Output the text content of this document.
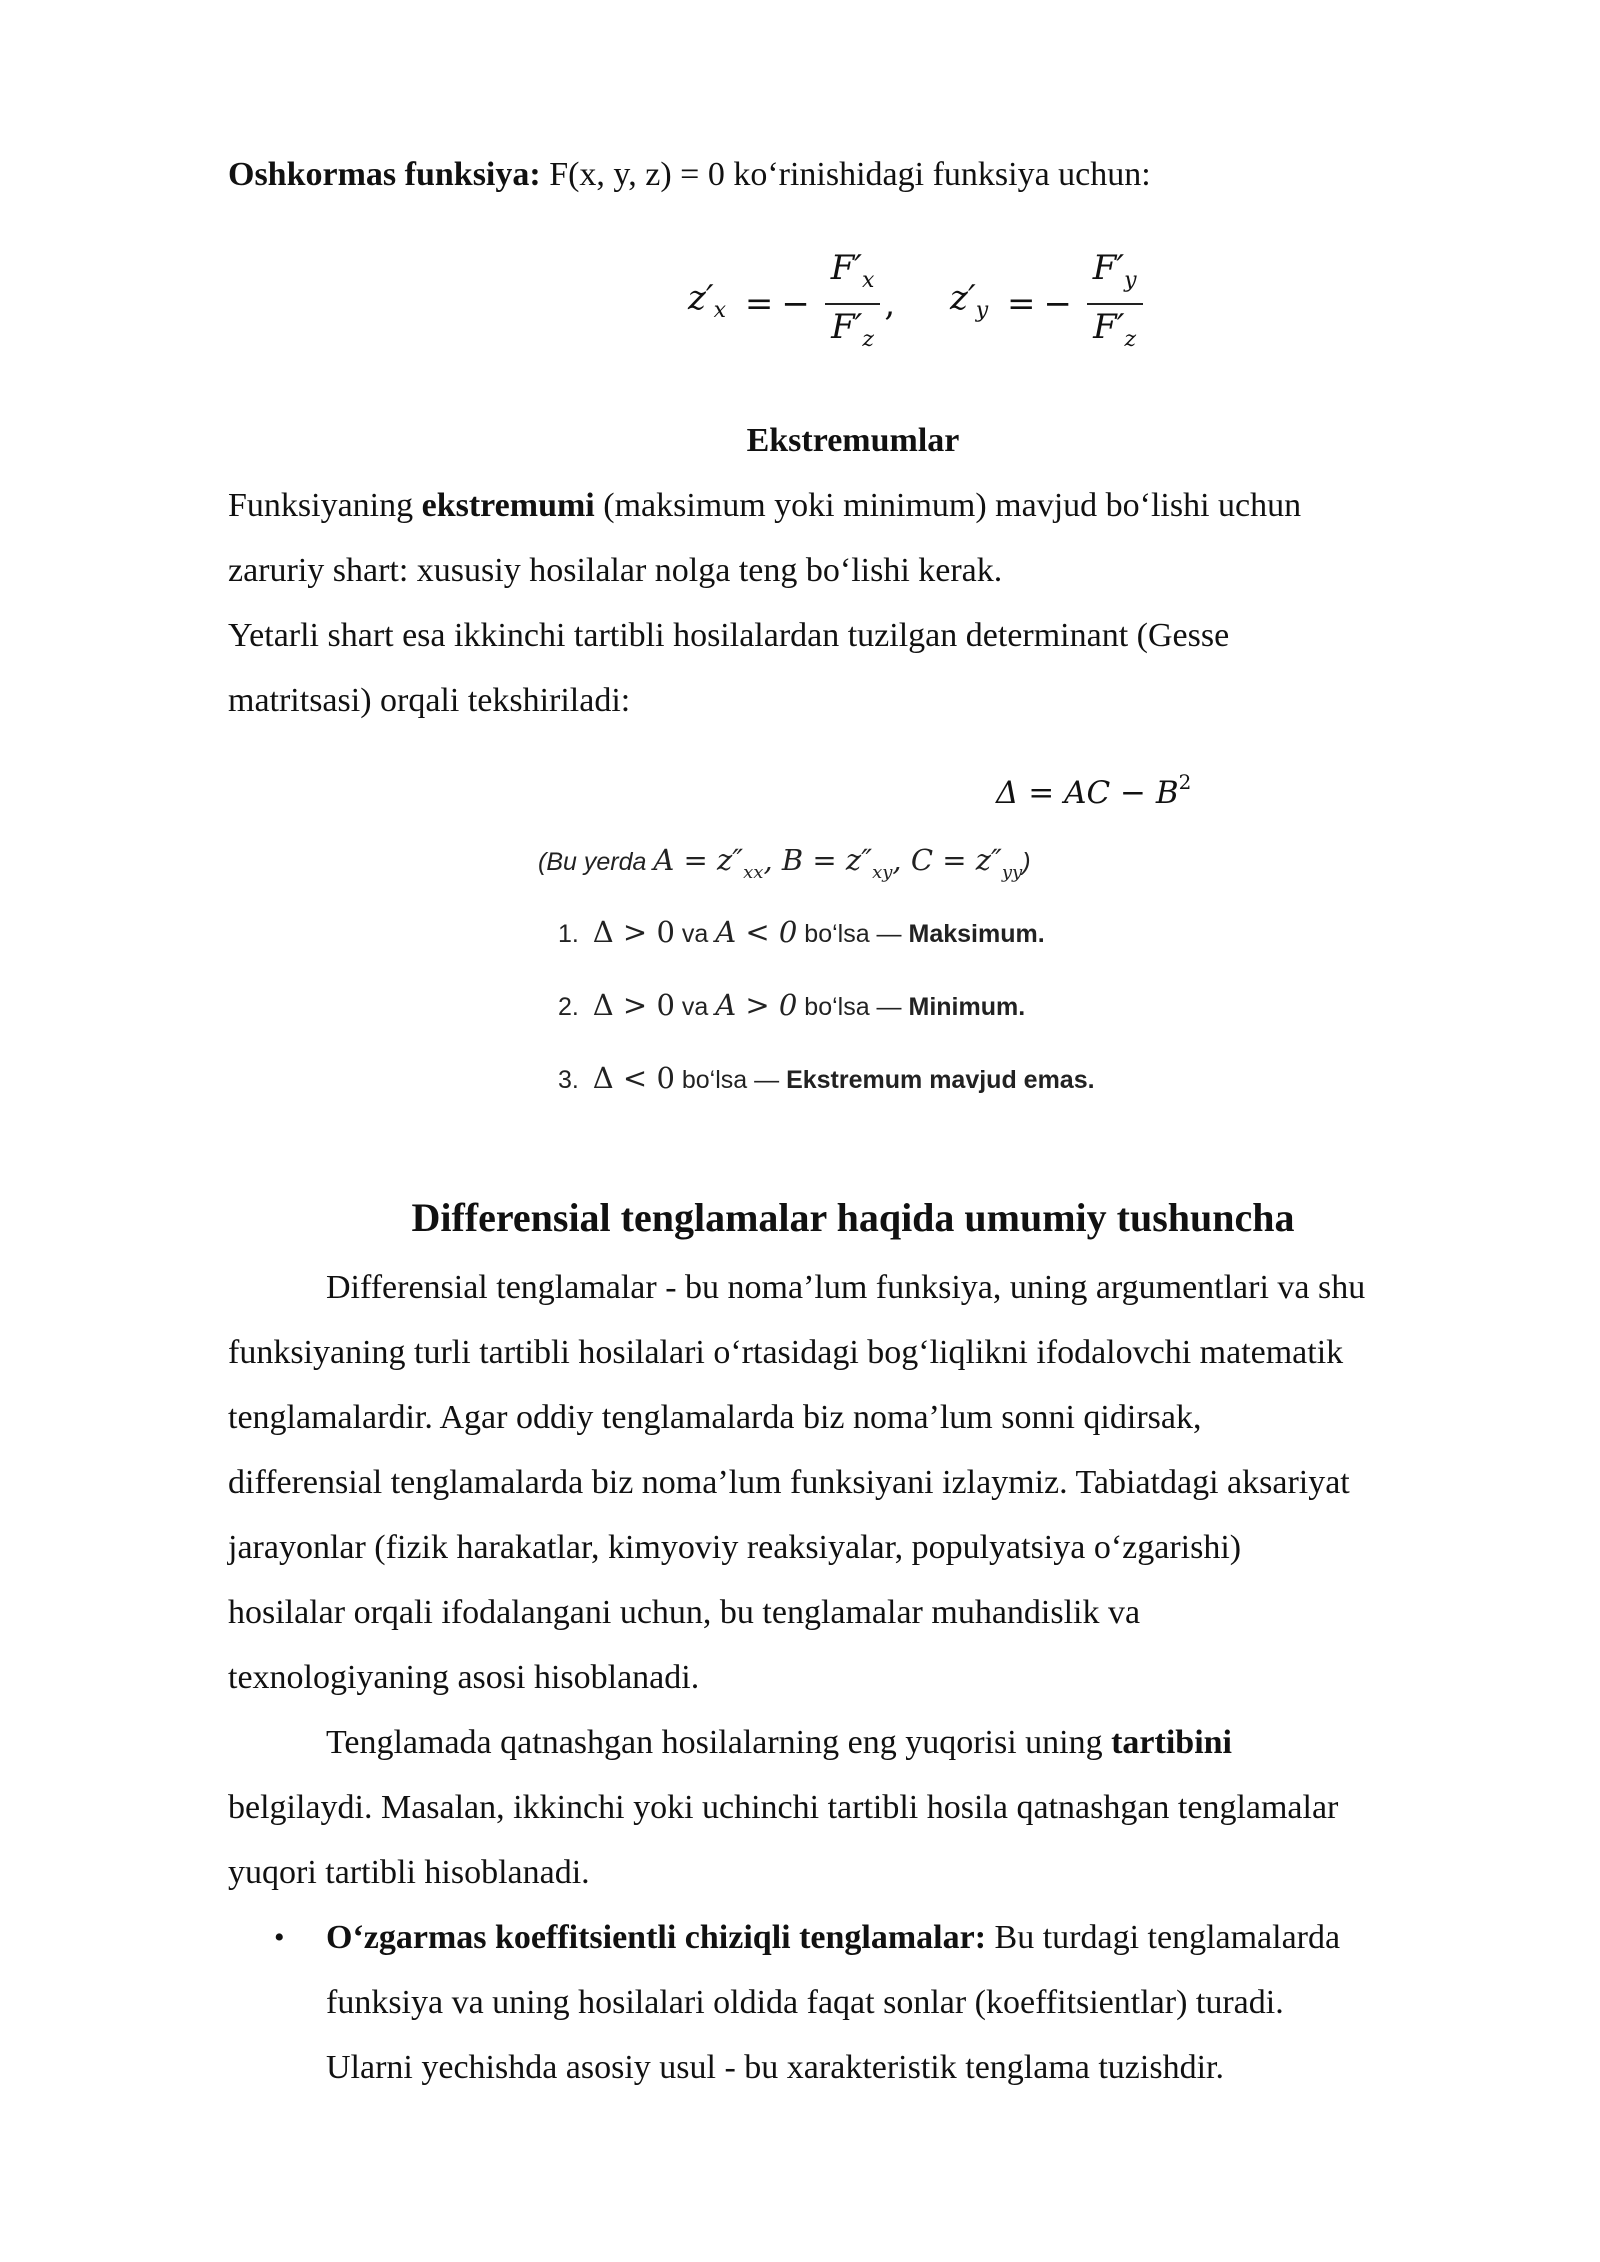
Oshkormas funksiya: F(x, y, z) = 0 ko‘rinishidagi funksiya uchun:
$z'_x$ = − $\frac{F'_x}{F'_z}$ , $z'_y$ = − $\frac{F'_y}{F'_z}$
Ekstremumlar
Funksiyaning ekstremumi (maksimum yoki minimum) mavjud bo‘lishi uchun
zaruriy shart: xususiy hosilalar nolga teng bo‘lishi kerak.
Yetarli shart esa ikkinchi tartibli hosilalardan tuzilgan determinant (Gesse
matritsasi) orqali tekshiriladi:
Δ = AC − $B^2$
(Bu yerda $A = z''_{xx}$, $B = z''_{xy}$, $C = z''_{yy}$)
1. Δ > 0 va A < 0 bo‘lsa — Maksimum.
2. Δ > 0 va A > 0 bo‘lsa — Minimum.
3. Δ < 0 bo‘lsa — Ekstremum mavjud emas.
Differensial tenglamalar haqida umumiy tushuncha
Differensial tenglamalar - bu noma’lum funksiya, uning argumentlari va shu
funksiyaning turli tartibli hosilalari o‘rtasidagi bog‘liqlikni ifodalovchi matematik
tenglamalardir. Agar oddiy tenglamalarda biz noma’lum sonni qidirsak,
differensial tenglamalarda biz noma’lum funksiyani izlaymiz. Tabiatdagi aksariyat
jarayonlar (fizik harakatlar, kimyoviy reaksiyalar, populyatsiya o‘zgarishi)
hosilalar orqali ifodalangani uchun, bu tenglamalar muhandislik va
texnologiyaning asosi hisoblanadi.
Tenglamada qatnashgan hosilalarning eng yuqorisi uning tartibini
belgilaydi. Masalan, ikkinchi yoki uchinchi tartibli hosila qatnashgan tenglamalar
yuqori tartibli hisoblanadi.
• O‘zgarmas koeffitsientli chiziqli tenglamalar: Bu turdagi tenglamalarda
funksiya va uning hosilalari oldida faqat sonlar (koeffitsientlar) turadi.
Ularni yechishda asosiy usul - bu xarakteristik tenglama tuzishdir.
